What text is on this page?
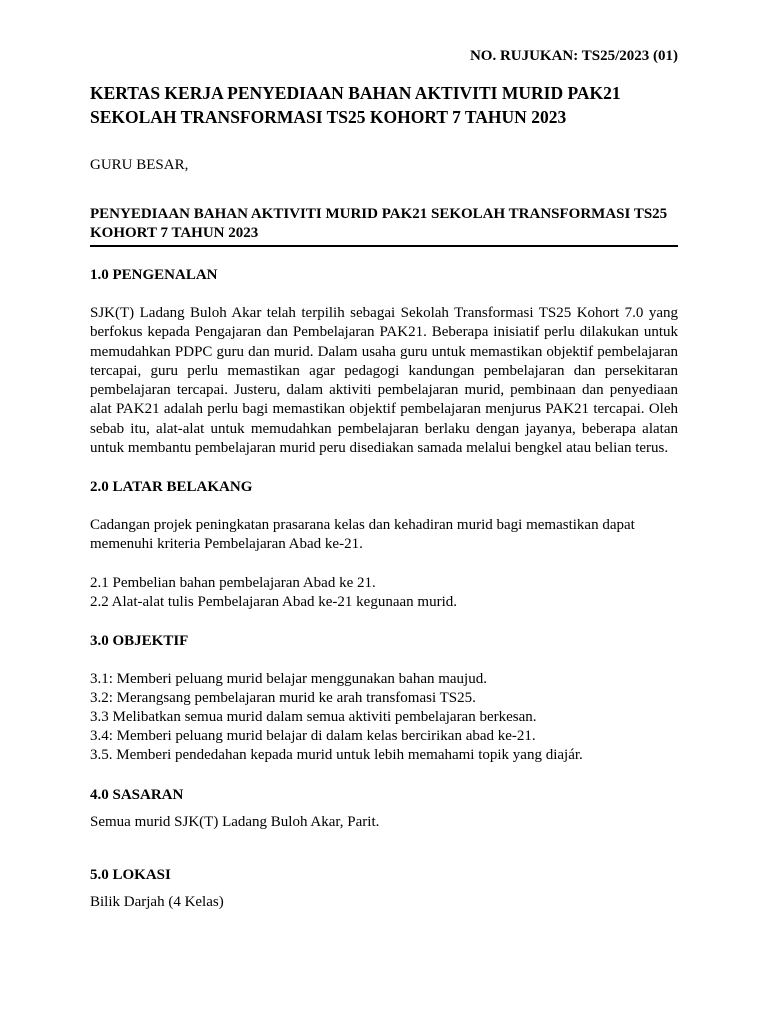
NO. RUJUKAN: TS25/2023 (01)
KERTAS KERJA PENYEDIAAN BAHAN AKTIVITI MURID PAK21
SEKOLAH TRANSFORMASI TS25 KOHORT 7 TAHUN 2023
GURU BESAR,
PENYEDIAAN BAHAN AKTIVITI MURID PAK21 SEKOLAH TRANSFORMASI TS25 KOHORT 7 TAHUN 2023
1.0 PENGENALAN

SJK(T) Ladang Buloh Akar telah terpilih sebagai Sekolah Transformasi TS25 Kohort 7.0 yang berfokus kepada Pengajaran dan Pembelajaran PAK21. Beberapa inisiatif perlu dilakukan untuk memudahkan PDPC guru dan murid. Dalam usaha guru untuk memastikan objektif pembelajaran tercapai, guru perlu memastikan agar pedagogi kandungan pembelajaran dan persekitaran pembelajaran tercapai. Justeru, dalam aktiviti pembelajaran murid, pembinaan dan penyediaan alat PAK21 adalah perlu bagi memastikan objektif pembelajaran menjurus PAK21 tercapai. Oleh sebab itu, alat-alat untuk memudahkan pembelajaran berlaku dengan jayanya, beberapa alatan untuk membantu pembelajaran murid peru disediakan samada melalui bengkel atau belian terus.

2.0 LATAR BELAKANG

Cadangan projek peningkatan prasarana kelas dan kehadiran murid bagi memastikan dapat memenuhi kriteria Pembelajaran Abad ke-21.

2.1 Pembelian bahan pembelajaran Abad ke 21.
2.2 Alat-alat tulis Pembelajaran Abad ke-21 kegunaan murid.
3.0 OBJEKTIF
3.1: Memberi peluang murid belajar menggunakan bahan maujud.
3.2: Merangsang pembelajaran murid ke arah transfomasi TS25.
3.3 Melibatkan semua murid dalam semua aktiviti pembelajaran berkesan.
3.4: Memberi peluang murid belajar di dalam kelas bercirikan abad ke-21.
3.5. Memberi pendedahan kepada murid untuk lebih memahami topik yang diajár.
4.0 SASARAN
Semua murid SJK(T) Ladang Buloh Akar, Parit.
5.0 LOKASI
Bilik Darjah (4 Kelas)
